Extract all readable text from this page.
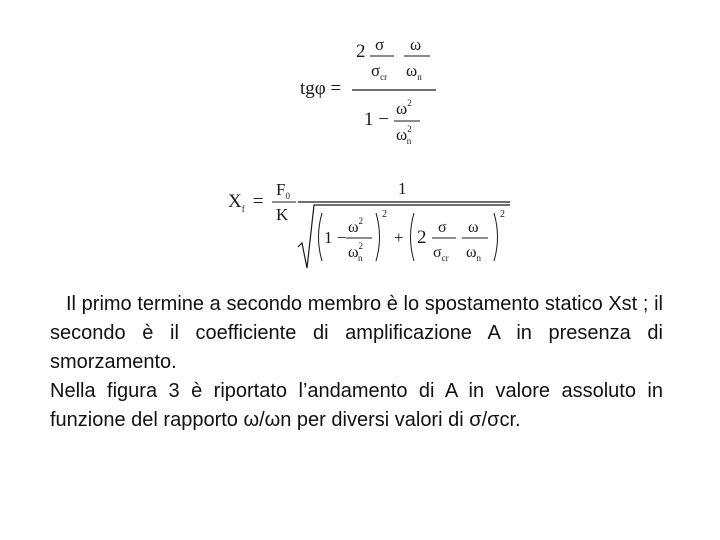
tgφ =
2 σ
$\sigma_{cr}$
ω
$\omega_n$
1 −
$\omega^2$
$\omega^2$ n
$X_f$ =
$F_0$
K
1
1 −
$\omega^2$
$\omega^2$ n
2
+ 2 σ
$\sigma_{cr}$
ω
$\omega_n$
2

Il primo termine a secondo membro è lo spostamento statico Xst ; il secondo è il coefficiente di amplificazione A in presenza di smorzamento.

Nella figura 3 è riportato l’andamento di A in valore assoluto in funzione del rapporto ω/ωn per diversi valori di σ/σcr.
